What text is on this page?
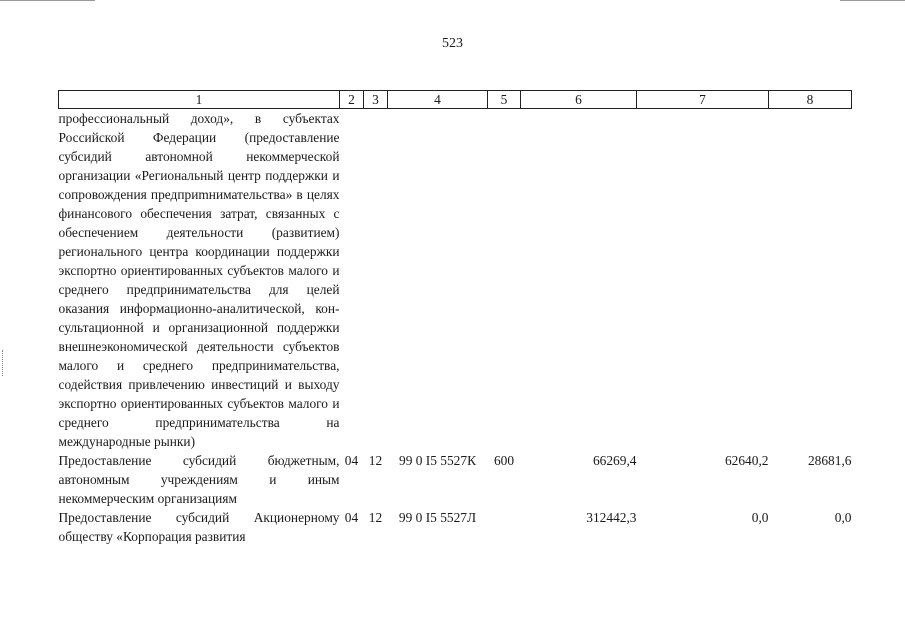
523
1	2	3	4	5	6	7	8
профессиональный доход», в субъектах Российской Федерации (предоставление субсидий автономной некоммерческой организации «Региональный центр поддержки и сопровождения предприmнимательства» в целях финансового обеспечения затрат, связанных с обеспечением деятельности (развитием) регионального центра координации поддержки экспортно ориентированных субъектов малого и среднего предпринимательства для целей оказания информационно-аналитической, консультационной и организационной поддержки внешнеэкономической деятельности субъектов малого и среднего предпринимательства, содействия привлечению инвестиций и выходу экспортно ориентированных субъектов малого и среднего предпринимательства на международные рынки)							
Предоставление субсидий бюджетным, автономным учреждениям и иным некоммерческим организациям	04	12	99 0 I5 5527К	600	66269,4	62640,2	28681,6
Предоставление субсидий Акционерному обществу «Корпорация развития	04	12	99 0 I5 5527Л		312442,3	0,0	0,0
